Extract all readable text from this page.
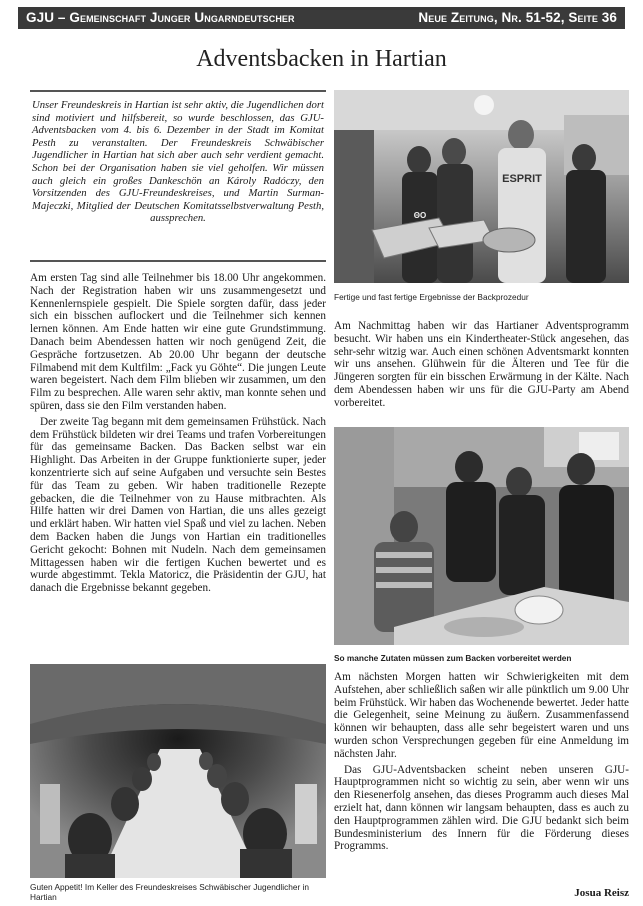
GJU – Gemeinschaft Junger Ungarndeutscher	Neue Zeitung, Nr. 51-52, Seite 36
Adventsbacken in Hartian
Unser Freundeskreis in Hartian ist sehr aktiv, die Jugendlichen dort sind motiviert und hilfsbereit, so wurde beschlossen, das GJU-Adventsbacken vom 4. bis 6. Dezember in der Stadt im Komitat Pesth zu veranstalten. Der Freundeskreis Schwäbischer Jugendlicher in Hartian hat sich aber auch sehr verdient gemacht. Schon bei der Organisation haben sie viel geholfen. Wir müssen auch gleich ein großes Dankeschön an Károly Radóczy, den Vorsitzenden des GJU-Freundeskreises, und Martin Surman-Majeczki, Mitglied der Deutschen Komitatsselbstverwaltung Pesth, aussprechen.

Am ersten Tag sind alle Teilnehmer bis 18.00 Uhr angekommen. Nach der Registration haben wir uns zusammengesetzt und Kennenlernspiele gespielt. Die Spiele sorgten dafür, dass jeder sich ein bisschen auflockert und die Teilnehmer sich kennen lernen können. Am Ende hatten wir eine gute Grundstimmung. Danach beim Abendessen hatten wir noch genügend Zeit, die Gespräche fortzusetzen. Ab 20.00 Uhr begann der deutsche Filmabend mit dem Kultfilm: „Fack yu Göhte“. Die jungen Leute waren begeistert. Nach dem Film blieben wir zusammen, um den Film zu besprechen. Alle waren sehr aktiv, man konnte sehen und spüren, dass sie den Film verstanden haben.

Der zweite Tag begann mit dem gemeinsamen Frühstück. Nach dem Frühstück bildeten wir drei Teams und trafen Vorbereitungen für das gemeinsame Backen. Das Backen selbst war ein Highlight. Das Arbeiten in der Gruppe funktionierte super, jeder konzentrierte sich auf seine Aufgaben und versuchte sein Bestes für das Team zu geben. Wir haben traditionelle Rezepte gebacken, die die Teilnehmer von zu Hause mitbrachten. Als Hilfe hatten wir drei Damen von Hartian, die uns alles gezeigt und erklärt haben. Wir hatten viel Spaß und viel zu lachen. Neben dem Backen haben die Jungs von Hartian ein traditionelles Gericht gekocht: Bohnen mit Nudeln. Nach dem gemeinsamen Mittagessen haben wir die fertigen Kuchen bewertet und es wurde abgestimmt. Tekla Matoricz, die Präsidentin der GJU, hat danach die Ergebnisse bekannt gegeben.

ESPRIT
ΘΟ
Fertige und fast fertige Ergebnisse der Backprozedur

Am Nachmittag haben wir das Hartianer Adventsprogramm besucht. Wir haben uns ein Kindertheater-Stück angesehen, das sehr-sehr witzig war. Auch einen schönen Adventsmarkt konnten wir uns ansehen. Glühwein für die Älteren und Tee für die Jüngeren sorgten für ein bisschen Erwärmung in der Kälte. Nach dem Abendessen haben wir uns für die GJU-Party am Abend vorbereitet.

So manche Zutaten müssen zum Backen vorbereitet werden

Am nächsten Morgen hatten wir Schwierigkeiten mit dem Aufstehen, aber schließlich saßen wir alle pünktlich um 9.00 Uhr beim Frühstück. Wir haben das Wochenende bewertet. Jeder hatte die Gelegenheit, seine Meinung zu äußern. Zusammenfassend können wir behaupten, dass alle sehr begeistert waren und uns wurden schon Versprechungen gegeben für eine Anmeldung im nächsten Jahr.

Das GJU-Adventsbacken scheint neben unseren GJU-Hauptprogrammen nicht so wichtig zu sein, aber wenn wir uns den Riesenerfolg ansehen, das dieses Programm auch dieses Mal erzielt hat, dann können wir langsam behaupten, dass es auch zu den Hauptprogrammen zählen wird. Die GJU bedankt sich beim Bundesministerium des Innern für die Förderung dieses Programms.

Guten Appetit! Im Keller des Freundeskreises Schwäbischer Jugendlicher in Hartian	Josua Reisz
